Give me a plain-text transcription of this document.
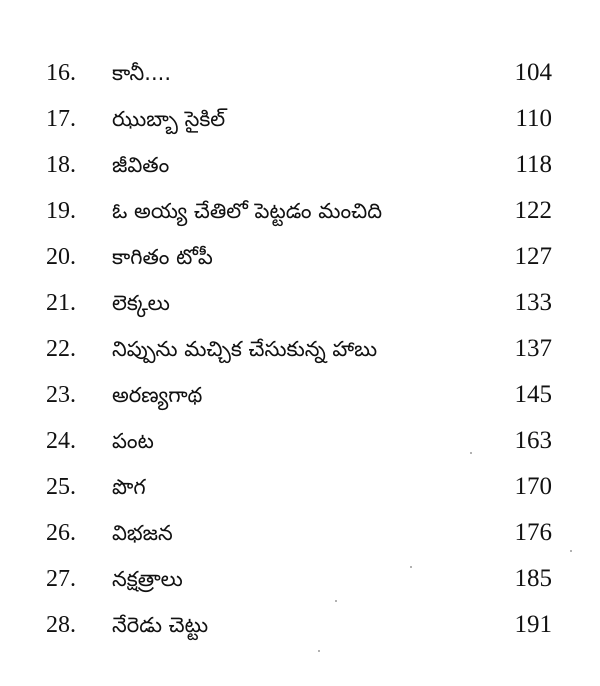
16. కానీ....	104
17. ఝుబ్బా సైకిల్	110
18. జీవితం	118
19. ఓ అయ్య చేతిలో పెట్టడం మంచిది	122
20. కాగితం టోపీ	127
21. లెక్కలు	133
22. నిప్పును మచ్చిక చేసుకున్న హాబు	137
23. అరణ్యగాథ	145
24. పంట	163
25. పొగ	170
26. విభజన	176
27. నక్షత్రాలు	185
28. నేరెడు చెట్టు	191
